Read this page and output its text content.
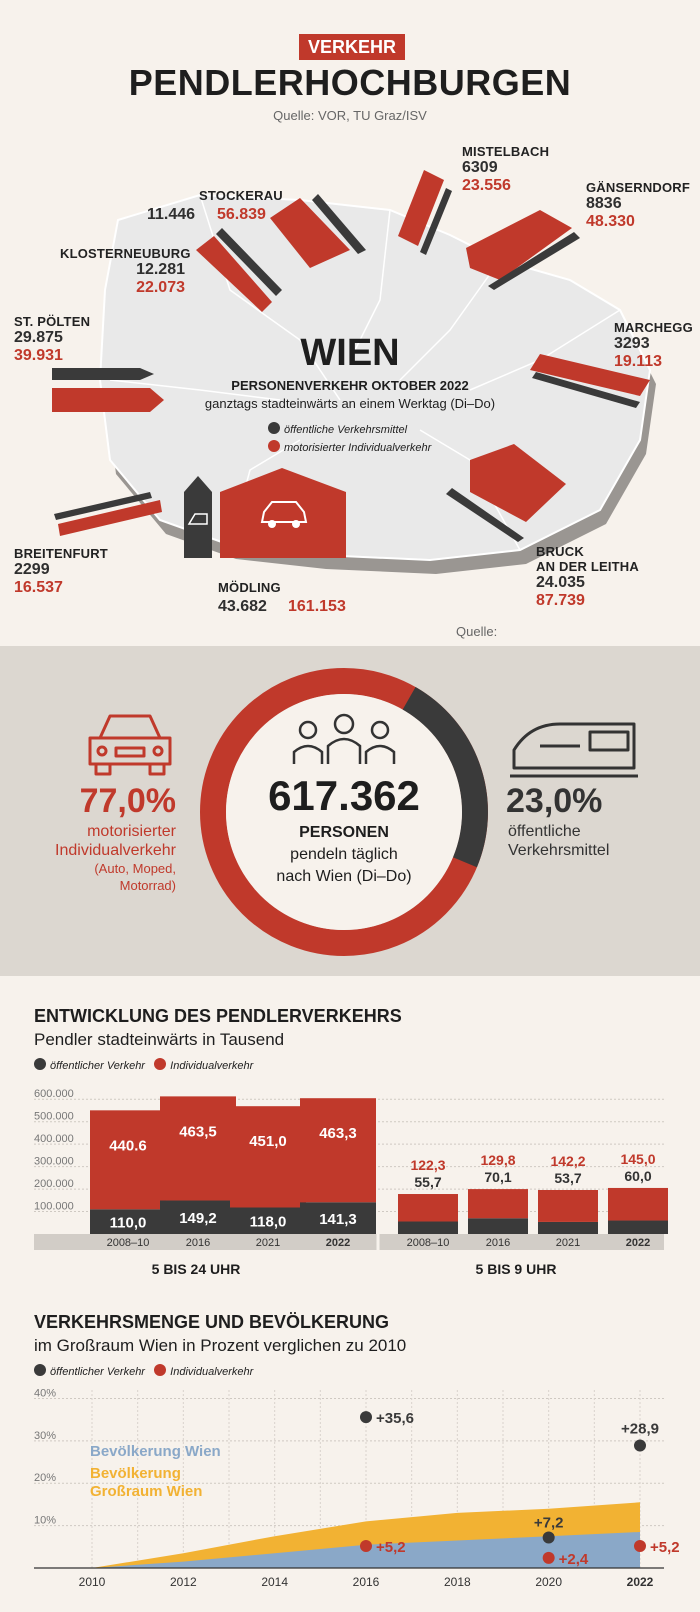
VERKEHR
PENDLERHOCHBURGEN
Quelle: VOR, TU Graz/ISV
WIEN
PERSONENVERKEHR OKTOBER 2022
ganztags stadteinwärts an einem Werktag (Di–Do)
öffentliche Verkehrsmittel
motorisierter Individualverkehr
MISTELBACH
6309
23.556
STOCKERAU
11.446 56.839
GÄNSERNDORF
8836
48.330
KLOSTERNEUBURG
12.281
22.073
ST. PÖLTEN
29.875
39.931
MARCHEGG
3293
19.113
BREITENFURT
2299
16.537	MÖDLING
43.682 161.153
BRUCK
AN DER LEITHA
24.035
87.739
Quelle:
77,0%
motorisierter
Individualverkehr
(Auto, Moped,
Motorrad)
617.362
PERSONEN
pendeln täglich
nach Wien (Di–Do)
23,0%
öffentliche
Verkehrsmittel
ENTWICKLUNG DES PENDLERVERKEHRS
Pendler stadteinwärts in Tausend
öffentlicher Verkehr Individualverkehr
600.000
500.000
400.000
300.000
200.000
100.000
2008–10
110,0
440.6
2016
149,2
463,5
2021
118,0
451,0
2022
141,3
463,3
5 BIS 24 UHR
2008–10
122,3
55,7
2016
129,8
70,1
2021
142,2
53,7
2022
145,0
60,0
5 BIS 9 UHR
VERKEHRSMENGE UND BEVÖLKERUNG
im Großraum Wien in Prozent verglichen zu 2010
öffentlicher Verkehr Individualverkehr
40%
30%
20%
10%
Bevölkerung Wien
Bevölkerung
Großraum Wien
2010	2012	2014	2016	2018	2020	2022
+35,6
+5,2
+7,2
+2,4
+28,9
+5,2
